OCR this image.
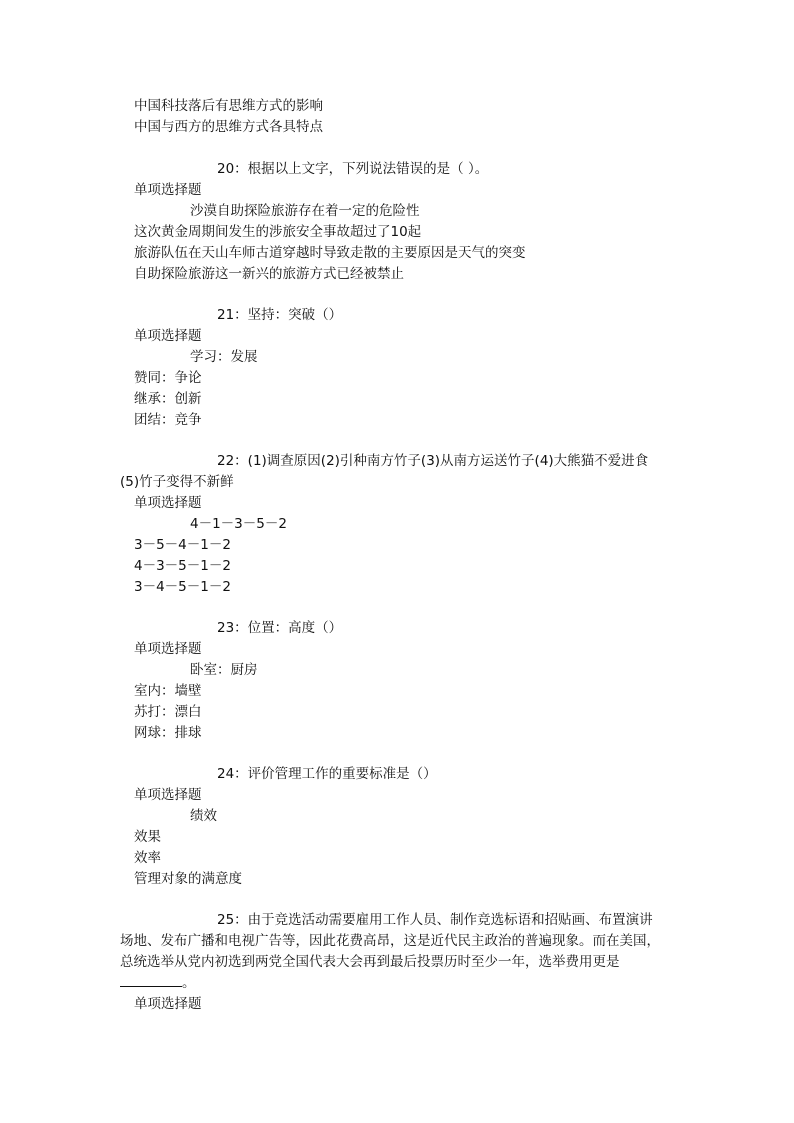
中国科技落后有思维方式的影响
中国与西方的思维方式各具特点
20：根据以上文字，下列说法错误的是（ ）。
单项选择题
沙漠自助探险旅游存在着一定的危险性
这次黄金周期间发生的涉旅安全事故超过了10起
旅游队伍在天山车师古道穿越时导致走散的主要原因是天气的突变
自助探险旅游这一新兴的旅游方式已经被禁止
21：坚持：突破（）
单项选择题
学习：发展
赞同：争论
继承：创新
团结：竞争
22：(1)调查原因(2)引种南方竹子(3)从南方运送竹子(4)大熊猫不爱进食
(5)竹子变得不新鲜
单项选择题
4－1－3－5－2
3－5－4－1－2
4－3－5－1－2
3－4－5－1－2
23：位置：高度（）
单项选择题
卧室：厨房
室内：墙壁
苏打：漂白
网球：排球
24：评价管理工作的重要标准是（）
单项选择题
绩效
效果
效率
管理对象的满意度
25：由于竞选活动需要雇用工作人员、制作竞选标语和招贴画、布置演讲
场地、发布广播和电视广告等，因此花费高昂，这是近代民主政治的普遍现象。而在美国，
总统选举从党内初选到两党全国代表大会再到最后投票历时至少一年，选举费用更是
。
单项选择题
